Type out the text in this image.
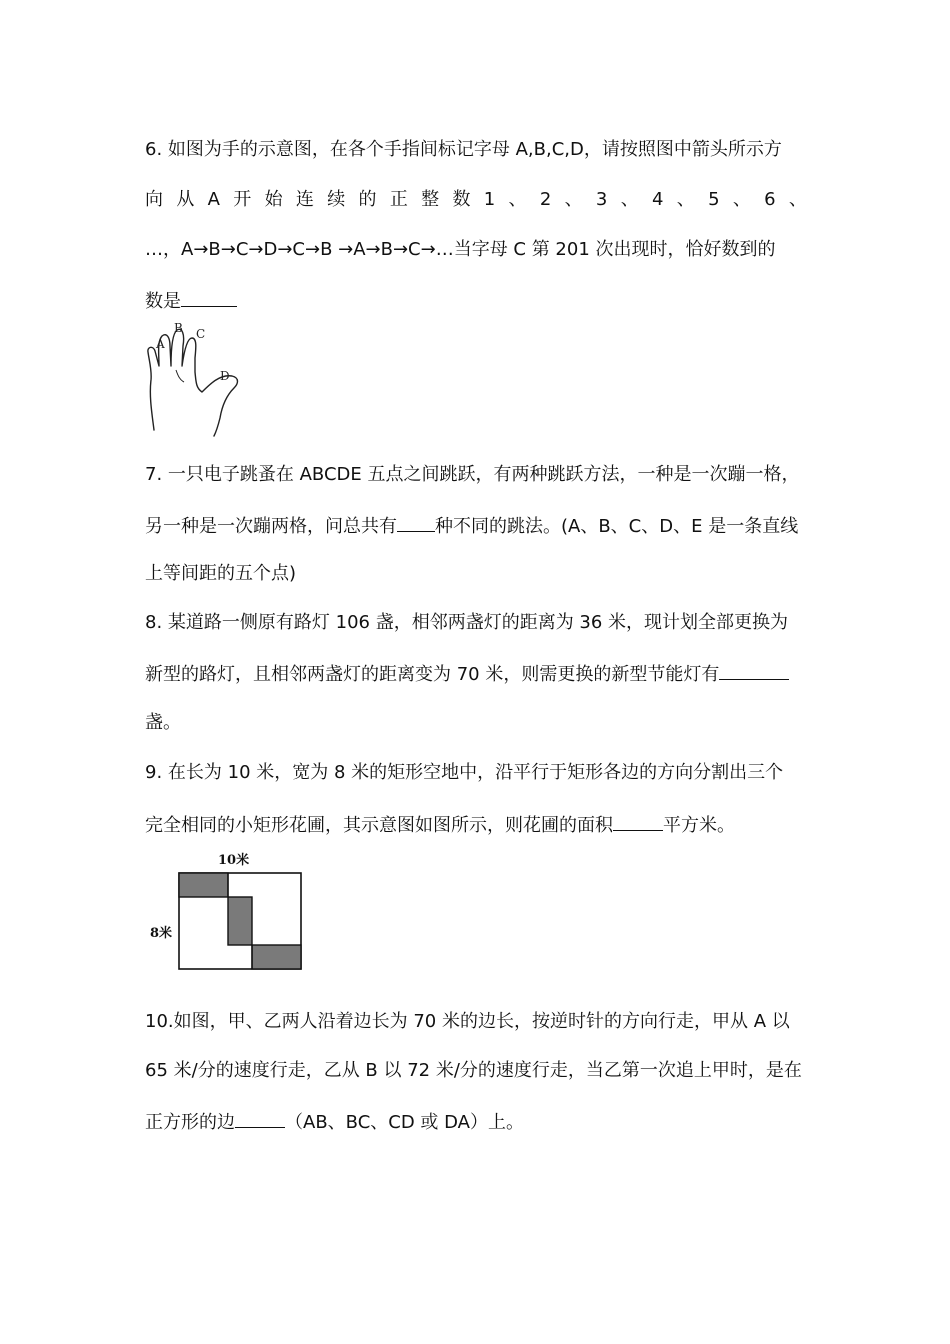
6. 如图为手的示意图，在各个手指间标记字母 A,B,C,D，请按照图中箭头所示方
向 从 A 开 始 连 续 的 正 整 数 1 、 2 、 3 、 4 、 5 、 6 、
…，A→B→C→D→C→B →A→B→C→…当字母 C 第 201 次出现时，恰好数到的
数是
A
B C
D
7. 一只电子跳蚤在 ABCDE 五点之间跳跃，有两种跳跃方法，一种是一次蹦一格，
另一种是一次蹦两格，问总共有 种不同的跳法。(A、B、C、D、E 是一条直线
上等间距的五个点)
8. 某道路一侧原有路灯 106 盏，相邻两盏灯的距离为 36 米，现计划全部更换为
新型的路灯，且相邻两盏灯的距离变为 70 米，则需更换的新型节能灯有
盏。
9. 在长为 10 米，宽为 8 米的矩形空地中，沿平行于矩形各边的方向分割出三个
完全相同的小矩形花圃，其示意图如图所示，则花圃的面积	平方米。
10米
8米
10.如图，甲、乙两人沿着边长为 70 米的边长，按逆时针的方向行走，甲从 A 以
65 米/分的速度行走，乙从 B 以 72 米/分的速度行走，当乙第一次追上甲时，是在
正方形的边	（AB、BC、CD 或 DA）上。
